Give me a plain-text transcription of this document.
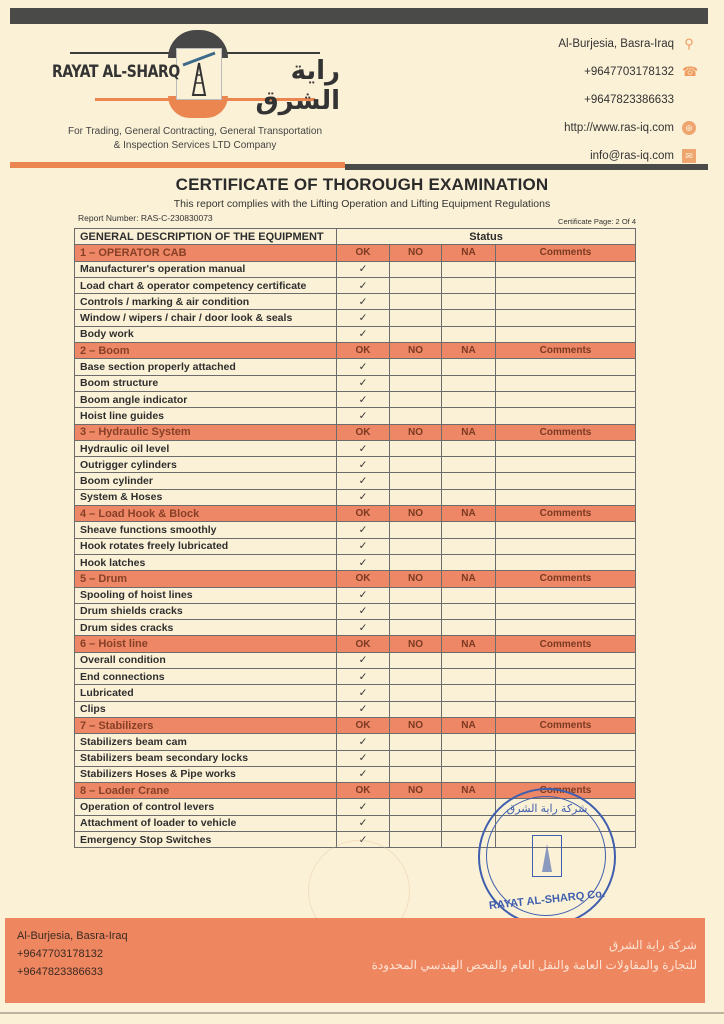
RAYAT AL-SHARQ	راية الشرق
For Trading, General Contracting, General Transportation
& Inspection Services LTD Company
Al-Burjesia, Basra-Iraq ⚲
+9647703178132 ☎
+9647823386633
http://www.ras-iq.com	⊕
info@ras-iq.com	✉
CERTIFICATE OF THOROUGH EXAMINATION
This report complies with the Lifting Operation and Lifting Equipment Regulations
Report Number: RAS-C-230830073	Certificate Page: 2 Of 4
GENERAL DESCRIPTION OF THE EQUIPMENT	Status			
1 – OPERATOR CAB	OK	NO	NA	Comments
Manufacturer's operation manual	✓			
Load chart & operator competency certificate	✓			
Controls / marking & air condition	✓			
Window / wipers / chair / door look & seals	✓			
Body work	✓			
2 – Boom	OK	NO	NA	Comments
Base section properly attached	✓			
Boom structure	✓			
Boom angle indicator	✓			
Hoist line guides	✓			
3 – Hydraulic System	OK	NO	NA	Comments
Hydraulic oil level	✓			
Outrigger cylinders	✓			
Boom cylinder	✓			
System & Hoses	✓			
4 – Load Hook & Block	OK	NO	NA	Comments
Sheave functions smoothly	✓			
Hook rotates freely lubricated	✓			
Hook latches	✓			
5 – Drum	OK	NO	NA	Comments
Spooling of hoist lines	✓			
Drum shields cracks	✓			
Drum sides cracks	✓			
6 – Hoist line	OK	NO	NA	Comments
Overall condition	✓			
End connections	✓			
Lubricated	✓			
Clips	✓			
7 – Stabilizers	OK	NO	NA	Comments
Stabilizers beam cam	✓			
Stabilizers beam secondary locks	✓			
Stabilizers Hoses & Pipe works	✓			
8 – Loader Crane	OK	NO	NA	Comments
Operation of control levers	✓			
Attachment of loader to vehicle	✓			
Emergency Stop Switches	✓			
شركة راية الشرق
RAYAT AL-SHARQ Co.
Al-Burjesia, Basra-Iraq
+9647703178132
+9647823386633
شركة راية الشرق
للتجارة والمقاولات العامة والنقل العام والفحص الهندسي المحدودة
